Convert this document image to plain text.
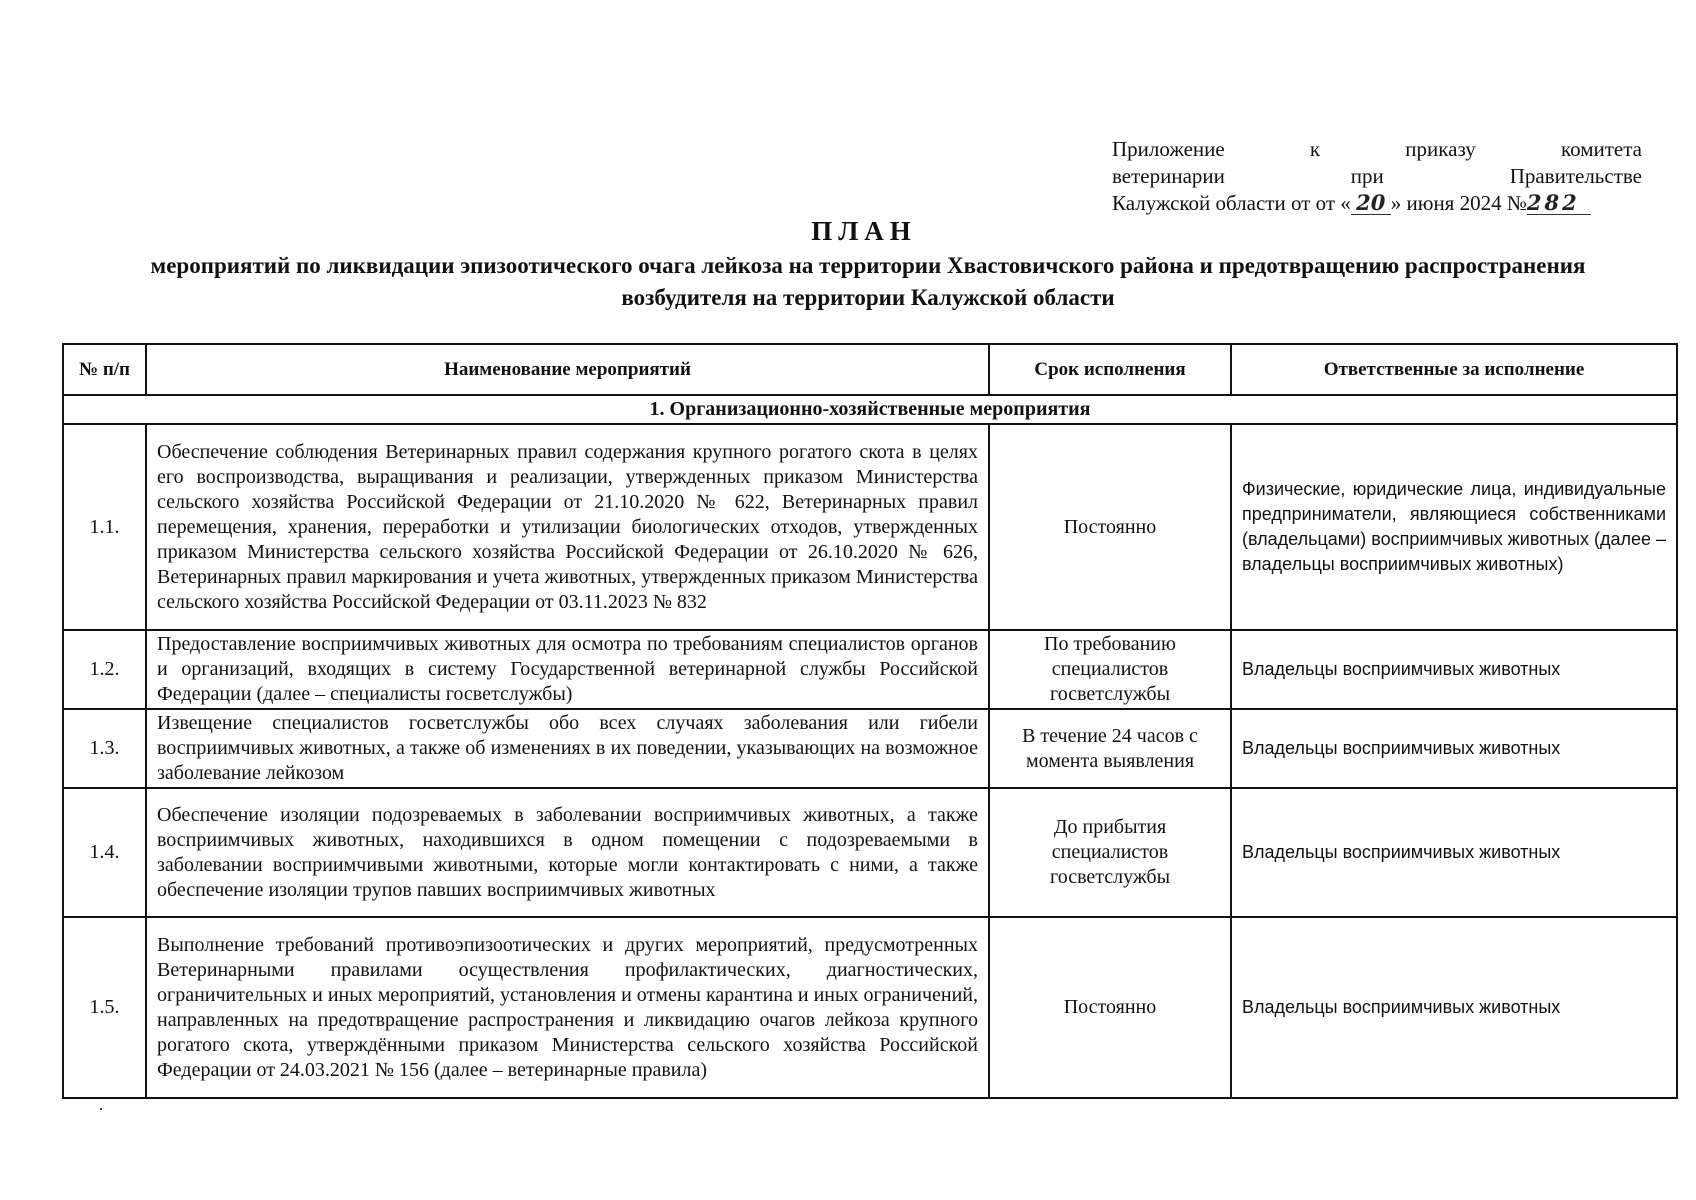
Приложение к приказу комитета
ветеринарии при Правительстве
Калужской области от от « 20 » июня 2024 №282
ПЛАН
мероприятий по ликвидации эпизоотического очага лейкоза на территории Хвастовичского района и предотвращению распространения возбудителя на территории Калужской области
№ п/п	Наименование мероприятий	Срок исполнения	Ответственные за исполнение
1. Организационно-хозяйственные мероприятия			
1.1.	Обеспечение соблюдения Ветеринарных правил содержания крупного рогатого скота в целях его воспроизводства, выращивания и реализации, утвержденных приказом Министерства сельского хозяйства Российской Федерации от 21.10.2020 № 622, Ветеринарных правил перемещения, хранения, переработки и утилизации биологических отходов, утвержденных приказом Министерства сельского хозяйства Российской Федерации от 26.10.2020 № 626, Ветеринарных правил маркирования и учета животных, утвержденных приказом Министерства сельского хозяйства Российской Федерации от 03.11.2023 № 832	Постоянно	Физические, юридические лица, индивидуальные предприниматели, являющиеся собственниками (владельцами) восприимчивых животных (далее – владельцы восприимчивых животных)
1.2.	Предоставление восприимчивых животных для осмотра по требованиям специалистов органов и организаций, входящих в систему Государственной ветеринарной службы Российской Федерации (далее – специалисты госветслужбы)	По требованию специалистов госветслужбы	Владельцы восприимчивых животных
1.3.	Извещение специалистов госветслужбы обо всех случаях заболевания или гибели восприимчивых животных, а также об изменениях в их поведении, указывающих на возможное заболевание лейкозом	В течение 24 часов с момента выявления	Владельцы восприимчивых животных
1.4.	Обеспечение изоляции подозреваемых в заболевании восприимчивых животных, а также восприимчивых животных, находившихся в одном помещении с подозреваемыми в заболевании восприимчивыми животными, которые могли контактировать с ними, а также обеспечение изоляции трупов павших восприимчивых животных	До прибытия специалистов госветслужбы	Владельцы восприимчивых животных
1.5.	Выполнение требований противоэпизоотических и других мероприятий, предусмотренных Ветеринарными правилами осуществления профилактических, диагностических, ограничительных и иных мероприятий, установления и отмены карантина и иных ограничений, направленных на предотвращение распространения и ликвидацию очагов лейкоза крупного рогатого скота, утверждёнными приказом Министерства сельского хозяйства Российской Федерации от 24.03.2021 № 156 (далее – ветеринарные правила)	Постоянно	Владельцы восприимчивых животных
